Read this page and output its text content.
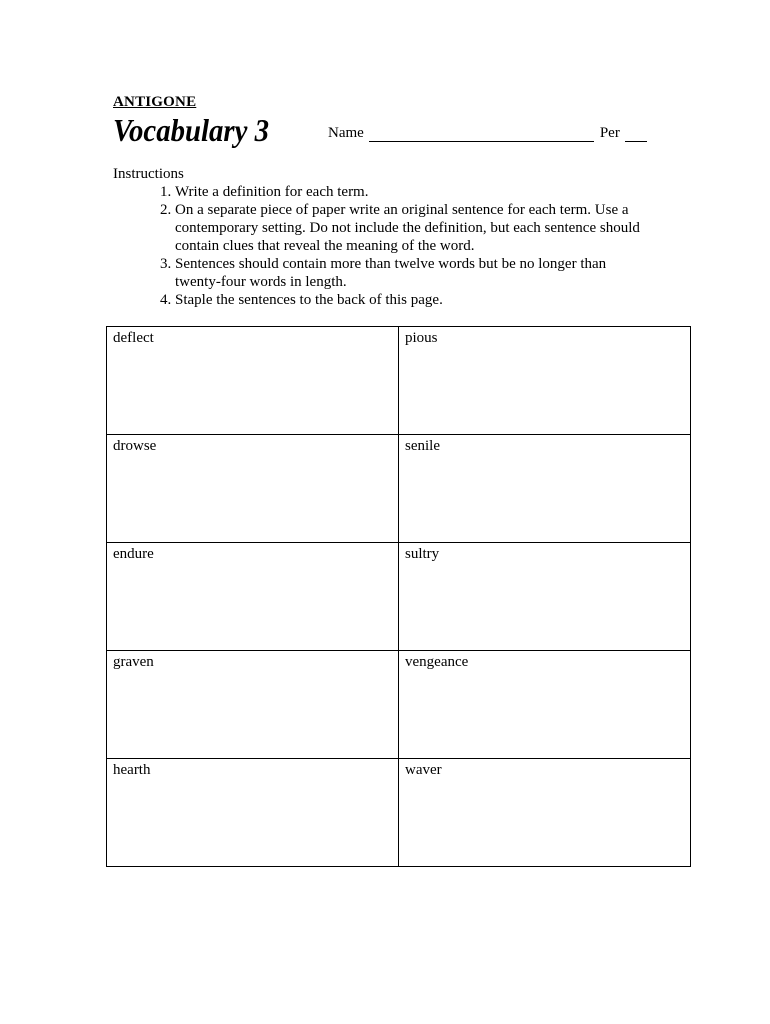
ANTIGONE
Vocabulary 3	Name	Per
Instructions
1. Write a definition for each term.
2. On a separate piece of paper write an original sentence for each term. Use a contemporary setting. Do not include the definition, but each sentence should contain clues that reveal the meaning of the word.
3. Sentences should contain more than twelve words but be no longer than twenty-four words in length.
4. Staple the sentences to the back of this page.
deflect	pious
drowse	senile
endure	sultry
graven	vengeance
hearth	waver
